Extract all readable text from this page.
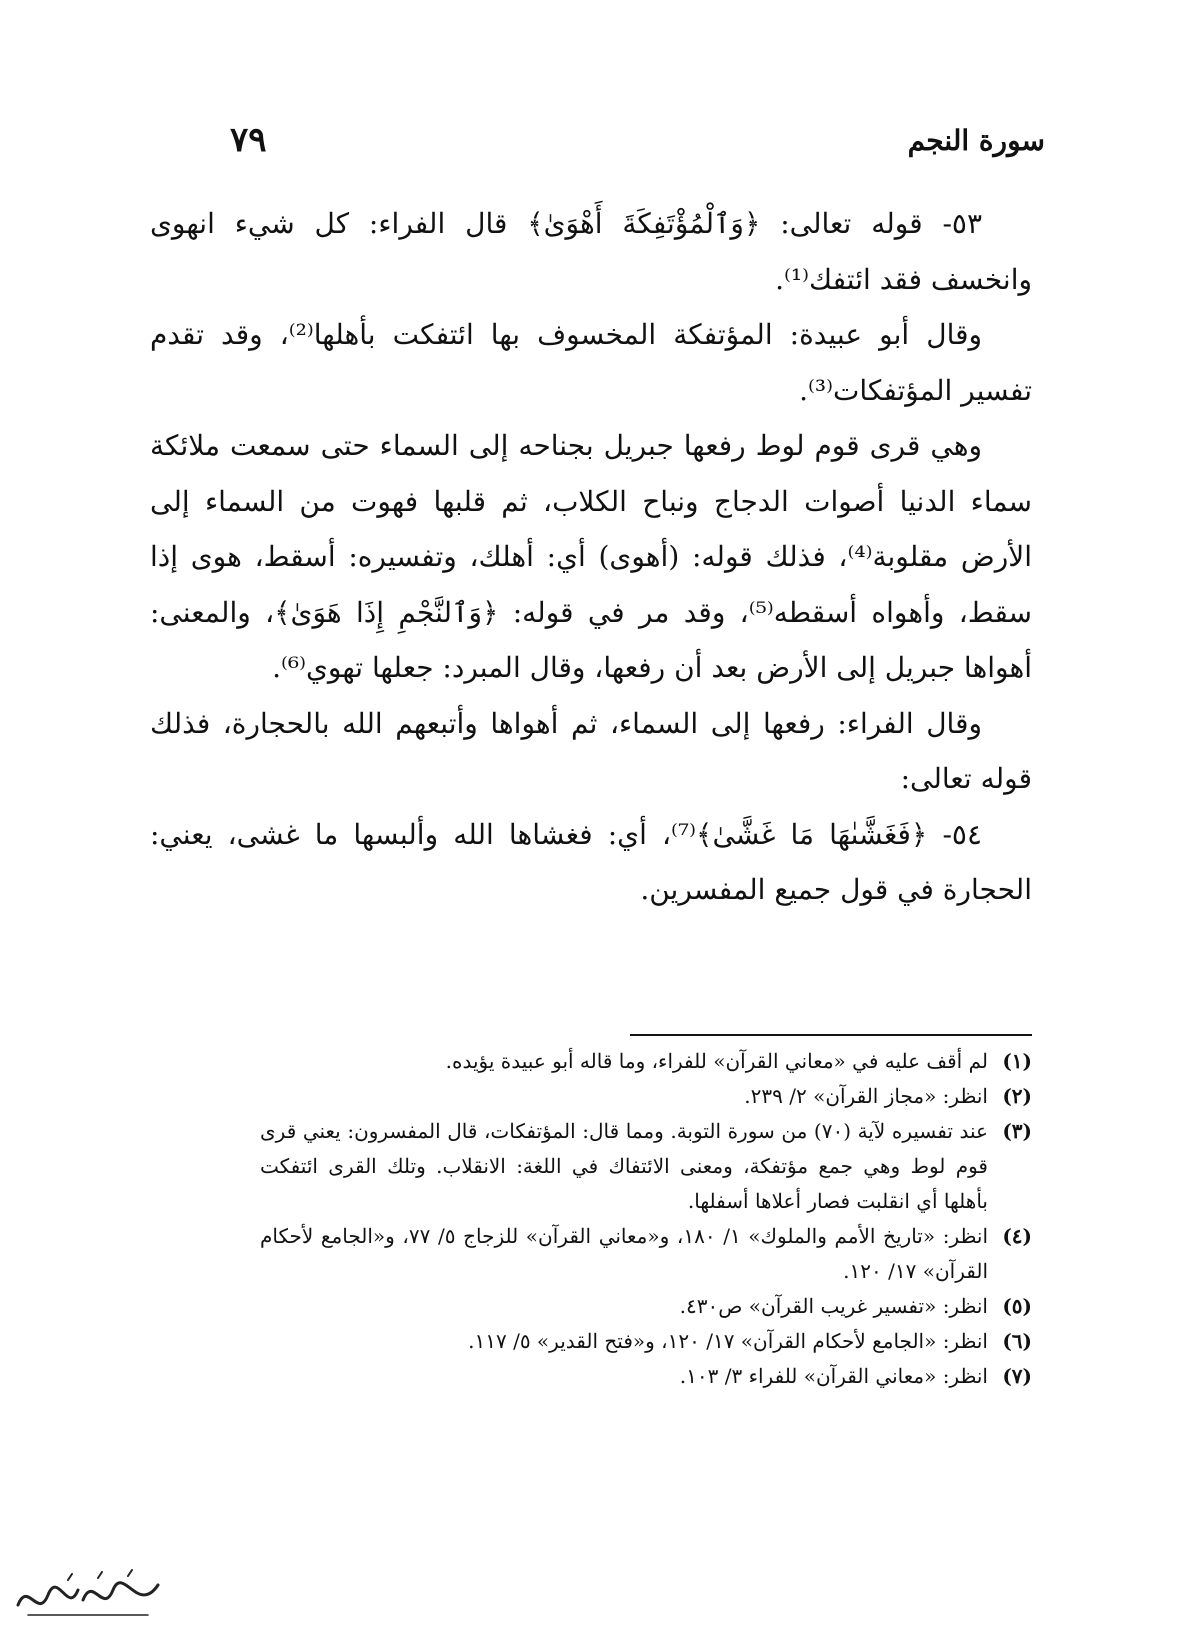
٧٩	سورة النجم

٥٣- قوله تعالى: ﴿وَٱلْمُؤْتَفِكَةَ أَهْوَىٰ﴾ قال الفراء: كل شيء انهوى وانخسف فقد ائتفك⁽¹⁾.

وقال أبو عبيدة: المؤتفكة المخسوف بها ائتفكت بأهلها⁽²⁾، وقد تقدم تفسير المؤتفكات⁽³⁾.

وهي قرى قوم لوط رفعها جبريل بجناحه إلى السماء حتى سمعت ملائكة سماء الدنيا أصوات الدجاج ونباح الكلاب، ثم قلبها فهوت من السماء إلى الأرض مقلوبة⁽⁴⁾، فذلك قوله: (أهوى) أي: أهلك، وتفسيره: أسقط، هوى إذا سقط، وأهواه أسقطه⁽⁵⁾، وقد مر في قوله: ﴿وَٱلنَّجْمِ إِذَا هَوَىٰ﴾، والمعنى: أهواها جبريل إلى الأرض بعد أن رفعها، وقال المبرد: جعلها تهوي⁽⁶⁾.

وقال الفراء: رفعها إلى السماء، ثم أهواها وأتبعهم الله بالحجارة، فذلك قوله تعالى:

٥٤- ﴿فَغَشَّىٰهَا مَا غَشَّىٰ﴾⁽⁷⁾، أي: فغشاها الله وألبسها ما غشى، يعني: الحجارة في قول جميع المفسرين.

(١)
لم أقف عليه في «معاني القرآن» للفراء، وما قاله أبو عبيدة يؤيده.
(٢)
انظر: «مجاز القرآن» ٢/ ٢٣٩.
(٣)
عند تفسيره لآية (٧٠) من سورة التوبة. ومما قال: المؤتفكات، قال المفسرون: يعني قرى قوم لوط وهي جمع مؤتفكة، ومعنى الائتفاك في اللغة: الانقلاب. وتلك القرى ائتفكت بأهلها أي انقلبت فصار أعلاها أسفلها.
(٤)
انظر: «تاريخ الأمم والملوك» ١/ ١٨٠، و«معاني القرآن» للزجاج ٥/ ٧٧، و«الجامع لأحكام القرآن» ١٧/ ١٢٠.
(٥)
انظر: «تفسير غريب القرآن» ص٤٣٠.
(٦)
انظر: «الجامع لأحكام القرآن» ١٧/ ١٢٠، و«فتح القدير» ٥/ ١١٧.
(٧)
انظر: «معاني القرآن» للفراء ٣/ ١٠٣.
